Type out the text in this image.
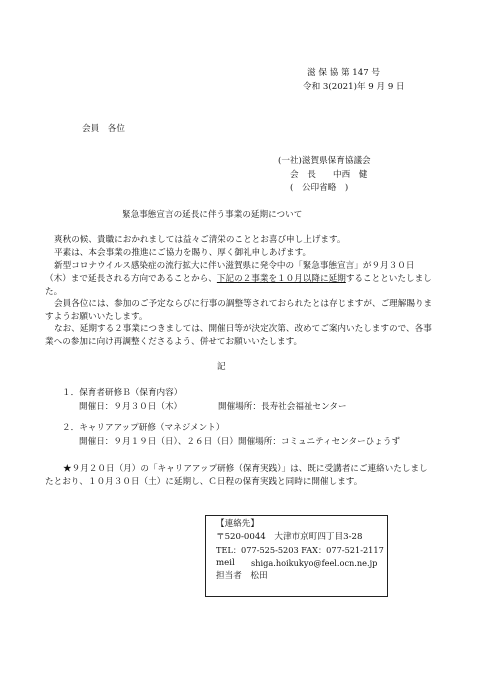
滋 保 協 第 147 号
令和 3(2021)年 9 月 9 日
会員　各位
(一社)滋賀県保育協議会
会　長　　中西　健
(　公印省略　)
緊急事態宣言の延長に伴う事業の延期について
爽秋の候、貴職におかれましては益々ご清栄のこととお喜び申し上げます。
平素は、本会事業の推進にご協力を賜り、厚く御礼申しあげます。
新型コロナウイルス感染症の流行拡大に伴い滋賀県に発令中の「緊急事態宣言」が９月３０日（木）まで延長される方向であることから、下記の２事業を１０月以降に延期することといたしました。
会員各位には、参加のご予定ならびに行事の調整等されておられたとは存じますが、ご理解賜りますようお願いいたします。
なお、延期する２事業につきましては、開催日等が決定次第、改めてご案内いたしますので、各事業への参加に向け再調整くださるよう、併せてお願いいたします。
記
１．保育者研修Ｂ（保育内容）
開催日：９月３０日（木）	開催場所：長寿社会福祉センター
２．キャリアアップ研修（マネジメント）
開催日：９月１９日（日）、２６日（日）開催場所：コミュニティセンターひょうず
★９月２０日（月）の「キャリアアップ研修（保育実践）」は、既に受講者にご連絡いたしましたとおり、１０月３０日（土）に延期し、Ｃ日程の保育実践と同時に開催します。
【連絡先】
〒520-0044　大津市京町四丁目3-28
TEL：077-525-5203 FAX：077-521-2117
meil shiga.hoikukyo@feel.ocn.ne.jp
担当者　松田
